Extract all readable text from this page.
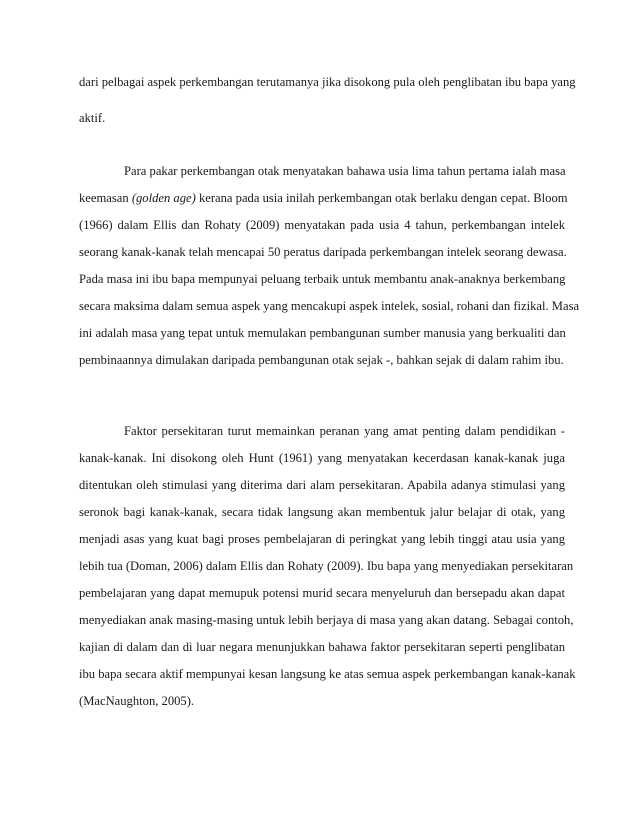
dari pelbagai aspek perkembangan terutamanya jika disokong pula oleh penglibatan ibu bapa yang
aktif.
Para pakar perkembangan otak menyatakan bahawa usia lima tahun pertama ialah masa
keemasan (golden age) kerana pada usia inilah perkembangan otak berlaku dengan cepat. Bloom
(1966) dalam Ellis dan Rohaty (2009) menyatakan pada usia 4 tahun, perkembangan intelek
seorang kanak-kanak telah mencapai 50 peratus daripada perkembangan intelek seorang dewasa.
Pada masa ini ibu bapa mempunyai peluang terbaik untuk membantu anak-anaknya berkembang
secara maksima dalam semua aspek yang mencakupi aspek intelek, sosial, rohani dan fizikal. Masa
ini adalah masa yang tepat untuk memulakan pembangunan sumber manusia yang berkualiti dan
pembinaannya dimulakan daripada pembangunan otak sejak -, bahkan sejak di dalam rahim ibu.
Faktor persekitaran turut memainkan peranan yang amat penting dalam pendidikan -
kanak-kanak. Ini disokong oleh Hunt (1961) yang menyatakan kecerdasan kanak-kanak juga
ditentukan oleh stimulasi yang diterima dari alam persekitaran. Apabila adanya stimulasi yang
seronok bagi kanak-kanak, secara tidak langsung akan membentuk jalur belajar di otak, yang
menjadi asas yang kuat bagi proses pembelajaran di peringkat yang lebih tinggi atau usia yang
lebih tua (Doman, 2006) dalam Ellis dan Rohaty (2009). Ibu bapa yang menyediakan persekitaran
pembelajaran yang dapat memupuk potensi murid secara menyeluruh dan bersepadu akan dapat
menyediakan anak masing-masing untuk lebih berjaya di masa yang akan datang. Sebagai contoh,
kajian di dalam dan di luar negara menunjukkan bahawa faktor persekitaran seperti penglibatan
ibu bapa secara aktif mempunyai kesan langsung ke atas semua aspek perkembangan kanak-kanak
(MacNaughton, 2005).
